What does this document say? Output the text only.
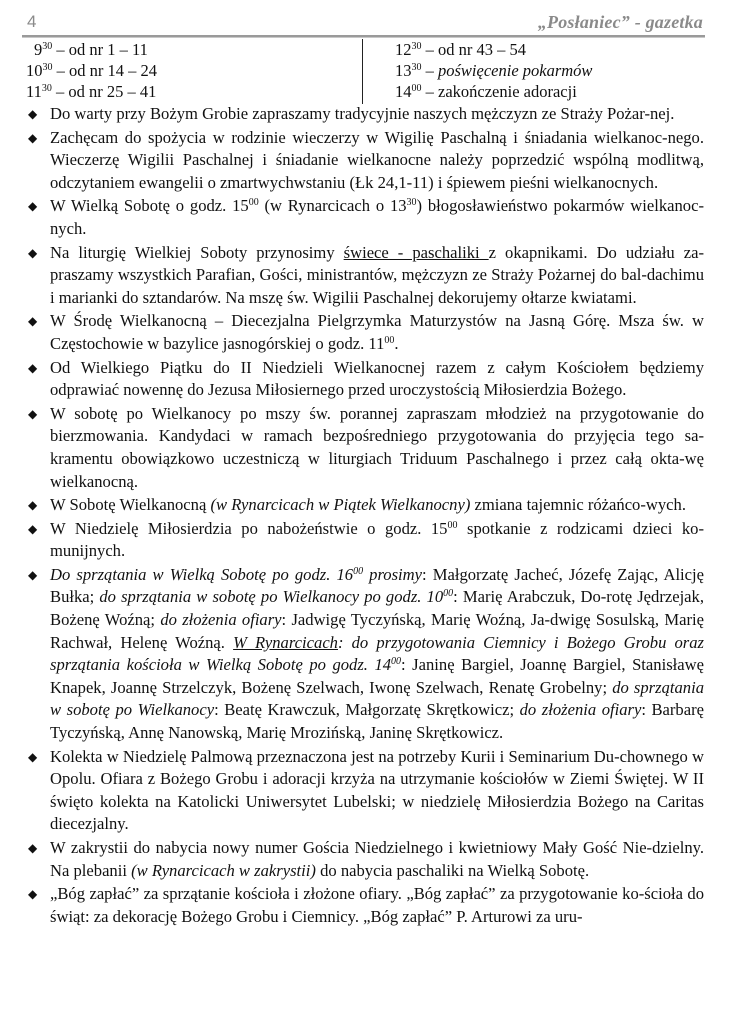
4	„Posłaniec” - gazetka
$9^{30}$ – od nr 1 – 11
$10^{30}$ – od nr 14 – 24
$11^{30}$ – od nr 25 – 41
$12^{30}$ – od nr 43 – 54
$13^{30}$ – poświęcenie pokarmów
$14^{00}$ – zakończenie adoracji
◆ Do warty przy Bożym Grobie zapraszamy tradycyjnie naszych mężczyzn ze Straży Pożar-nej.
◆ Zachęcam do spożycia w rodzinie wieczerzy w Wigilię Paschalną i śniadania wielkanoc-nego. Wieczerzę Wigilii Paschalnej i śniadanie wielkanocne należy poprzedzić wspólną modlitwą, odczytaniem ewangelii o zmartwychwstaniu (Łk 24,1-11) i śpiewem pieśni wielkanocnych.
◆ W Wielką Sobotę o godz. $15^{00}$ (w Rynarcicach o $13^{30}$) błogosławieństwo pokarmów wielkanoc-nych.
◆ Na liturgię Wielkiej Soboty przynosimy świece - paschaliki z okapnikami. Do udziału za-praszamy wszystkich Parafian, Gości, ministrantów, mężczyzn ze Straży Pożarnej do bal-dachimu i marianki do sztandarów. Na mszę św. Wigilii Paschalnej dekorujemy ołtarze kwiatami.
◆ W Środę Wielkanocną – Diecezjalna Pielgrzymka Maturzystów na Jasną Górę. Msza św. w Częstochowie w bazylice jasnogórskiej o godz. $11^{00}$.
◆ Od Wielkiego Piątku do II Niedzieli Wielkanocnej razem z całym Kościołem będziemy odprawiać nowennę do Jezusa Miłosiernego przed uroczystością Miłosierdzia Bożego.
◆ W sobotę po Wielkanocy po mszy św. porannej zapraszam młodzież na przygotowanie do bierzmowania. Kandydaci w ramach bezpośredniego przygotowania do przyjęcia tego sa-kramentu obowiązkowo uczestniczą w liturgiach Triduum Paschalnego i przez całą okta-wę wielkanocną.
◆ W Sobotę Wielkanocną (w Rynarcicach w Piątek Wielkanocny) zmiana tajemnic różańco-wych.
◆ W Niedzielę Miłosierdzia po nabożeństwie o godz. $15^{00}$ spotkanie z rodzicami dzieci ko-munijnych.
◆ Do sprzątania w Wielką Sobotę po godz. $16^{00}$ prosimy: Małgorzatę Jacheć, Józefę Zając, Alicję Bułka; do sprzątania w sobotę po Wielkanocy po godz. $10^{00}$: Marię Arabczuk, Do-rotę Jędrzejak, Bożenę Woźną; do złożenia ofiary: Jadwigę Tyczyńską, Marię Woźną, Ja-dwigę Sosulską, Marię Rachwał, Helenę Woźną. W Rynarcicach: do przygotowania Ciemnicy i Bożego Grobu oraz sprzątania kościoła w Wielką Sobotę po godz. $14^{00}$: Janinę Bargiel, Joannę Bargiel, Stanisławę Knapek, Joannę Strzelczyk, Bożenę Szelwach, Iwonę Szelwach, Renatę Grobelny; do sprzątania w sobotę po Wielkanocy: Beatę Krawczuk, Małgorzatę Skrętkowicz; do złożenia ofiary: Barbarę Tyczyńską, Annę Nanowską, Marię Mrozińską, Janinę Skrętkowicz.
◆ Kolekta w Niedzielę Palmową przeznaczona jest na potrzeby Kurii i Seminarium Du-chownego w Opolu. Ofiara z Bożego Grobu i adoracji krzyża na utrzymanie kościołów w Ziemi Świętej. W II święto kolekta na Katolicki Uniwersytet Lubelski; w niedzielę Miłosierdzia Bożego na Caritas diecezjalny.
◆ W zakrystii do nabycia nowy numer Gościa Niedzielnego i kwietniowy Mały Gość Nie-dzielny. Na plebanii (w Rynarcicach w zakrystii) do nabycia paschaliki na Wielką Sobotę.
◆ „Bóg zapłać” za sprzątanie kościoła i złożone ofiary. „Bóg zapłać” za przygotowanie ko-ścioła do świąt: za dekorację Bożego Grobu i Ciemnicy. „Bóg zapłać” P. Arturowi za uru-
